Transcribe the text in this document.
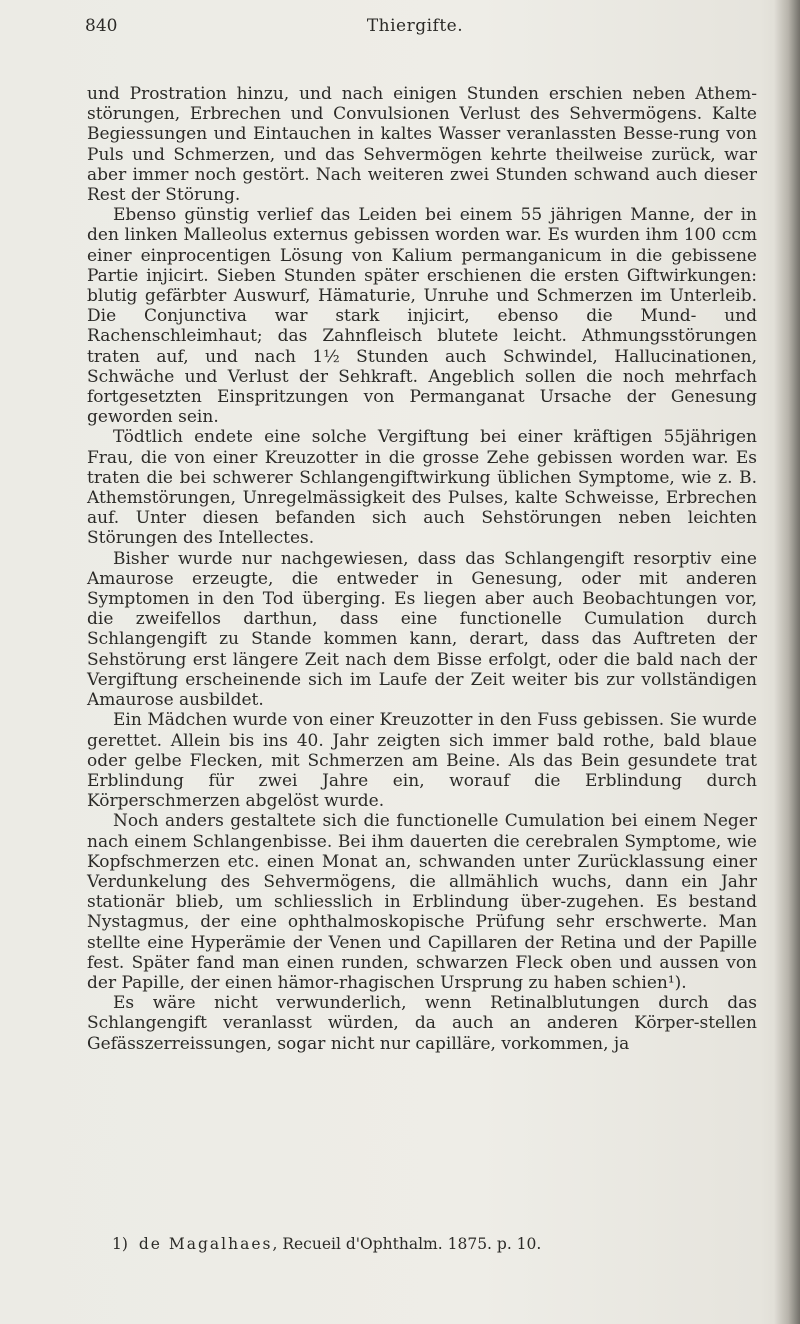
840	Thiergifte.

und Prostration hinzu, und nach einigen Stunden erschien neben Athem-störungen, Erbrechen und Convulsionen Verlust des Sehvermögens. Kalte Begiessungen und Eintauchen in kaltes Wasser veranlassten Besse-rung von Puls und Schmerzen, und das Sehvermögen kehrte theilweise zurück, war aber immer noch gestört. Nach weiteren zwei Stunden schwand auch dieser Rest der Störung.

Ebenso günstig verlief das Leiden bei einem 55 jährigen Manne, der in den linken Malleolus externus gebissen worden war. Es wurden ihm 100 ccm einer einprocentigen Lösung von Kalium permanganicum in die gebissene Partie injicirt. Sieben Stunden später erschienen die ersten Giftwirkungen: blutig gefärbter Auswurf, Hämaturie, Unruhe und Schmerzen im Unterleib. Die Conjunctiva war stark injicirt, ebenso die Mund- und Rachenschleimhaut; das Zahnfleisch blutete leicht. Athmungsstörungen traten auf, und nach 1½ Stunden auch Schwindel, Hallucinationen, Schwäche und Verlust der Sehkraft. Angeblich sollen die noch mehrfach fortgesetzten Einspritzungen von Permanganat Ursache der Genesung geworden sein.

Tödtlich endete eine solche Vergiftung bei einer kräftigen 55jährigen Frau, die von einer Kreuzotter in die grosse Zehe gebissen worden war. Es traten die bei schwerer Schlangengiftwirkung üblichen Symptome, wie z. B. Athemstörungen, Unregelmässigkeit des Pulses, kalte Schweisse, Erbrechen auf. Unter diesen befanden sich auch Sehstörungen neben leichten Störungen des Intellectes.

Bisher wurde nur nachgewiesen, dass das Schlangengift resorptiv eine Amaurose erzeugte, die entweder in Genesung, oder mit anderen Symptomen in den Tod überging. Es liegen aber auch Beobachtungen vor, die zweifellos darthun, dass eine functionelle Cumulation durch Schlangengift zu Stande kommen kann, derart, dass das Auftreten der Sehstörung erst längere Zeit nach dem Bisse erfolgt, oder die bald nach der Vergiftung erscheinende sich im Laufe der Zeit weiter bis zur vollständigen Amaurose ausbildet.

Ein Mädchen wurde von einer Kreuzotter in den Fuss gebissen. Sie wurde gerettet. Allein bis ins 40. Jahr zeigten sich immer bald rothe, bald blaue oder gelbe Flecken, mit Schmerzen am Beine. Als das Bein gesundete trat Erblindung für zwei Jahre ein, worauf die Erblindung durch Körperschmerzen abgelöst wurde.

Noch anders gestaltete sich die functionelle Cumulation bei einem Neger nach einem Schlangenbisse. Bei ihm dauerten die cerebralen Symptome, wie Kopfschmerzen etc. einen Monat an, schwanden unter Zurücklassung einer Verdunkelung des Sehvermögens, die allmählich wuchs, dann ein Jahr stationär blieb, um schliesslich in Erblindung über-zugehen. Es bestand Nystagmus, der eine ophthalmoskopische Prüfung sehr erschwerte. Man stellte eine Hyperämie der Venen und Capillaren der Retina und der Papille fest. Später fand man einen runden, schwarzen Fleck oben und aussen von der Papille, der einen hämor-rhagischen Ursprung zu haben schien¹).

Es wäre nicht verwunderlich, wenn Retinalblutungen durch das Schlangengift veranlasst würden, da auch an anderen Körper-stellen Gefässzerreissungen, sogar nicht nur capilläre, vorkommen, ja

1) de Magalhaes, Recueil d'Ophthalm. 1875. p. 10.
